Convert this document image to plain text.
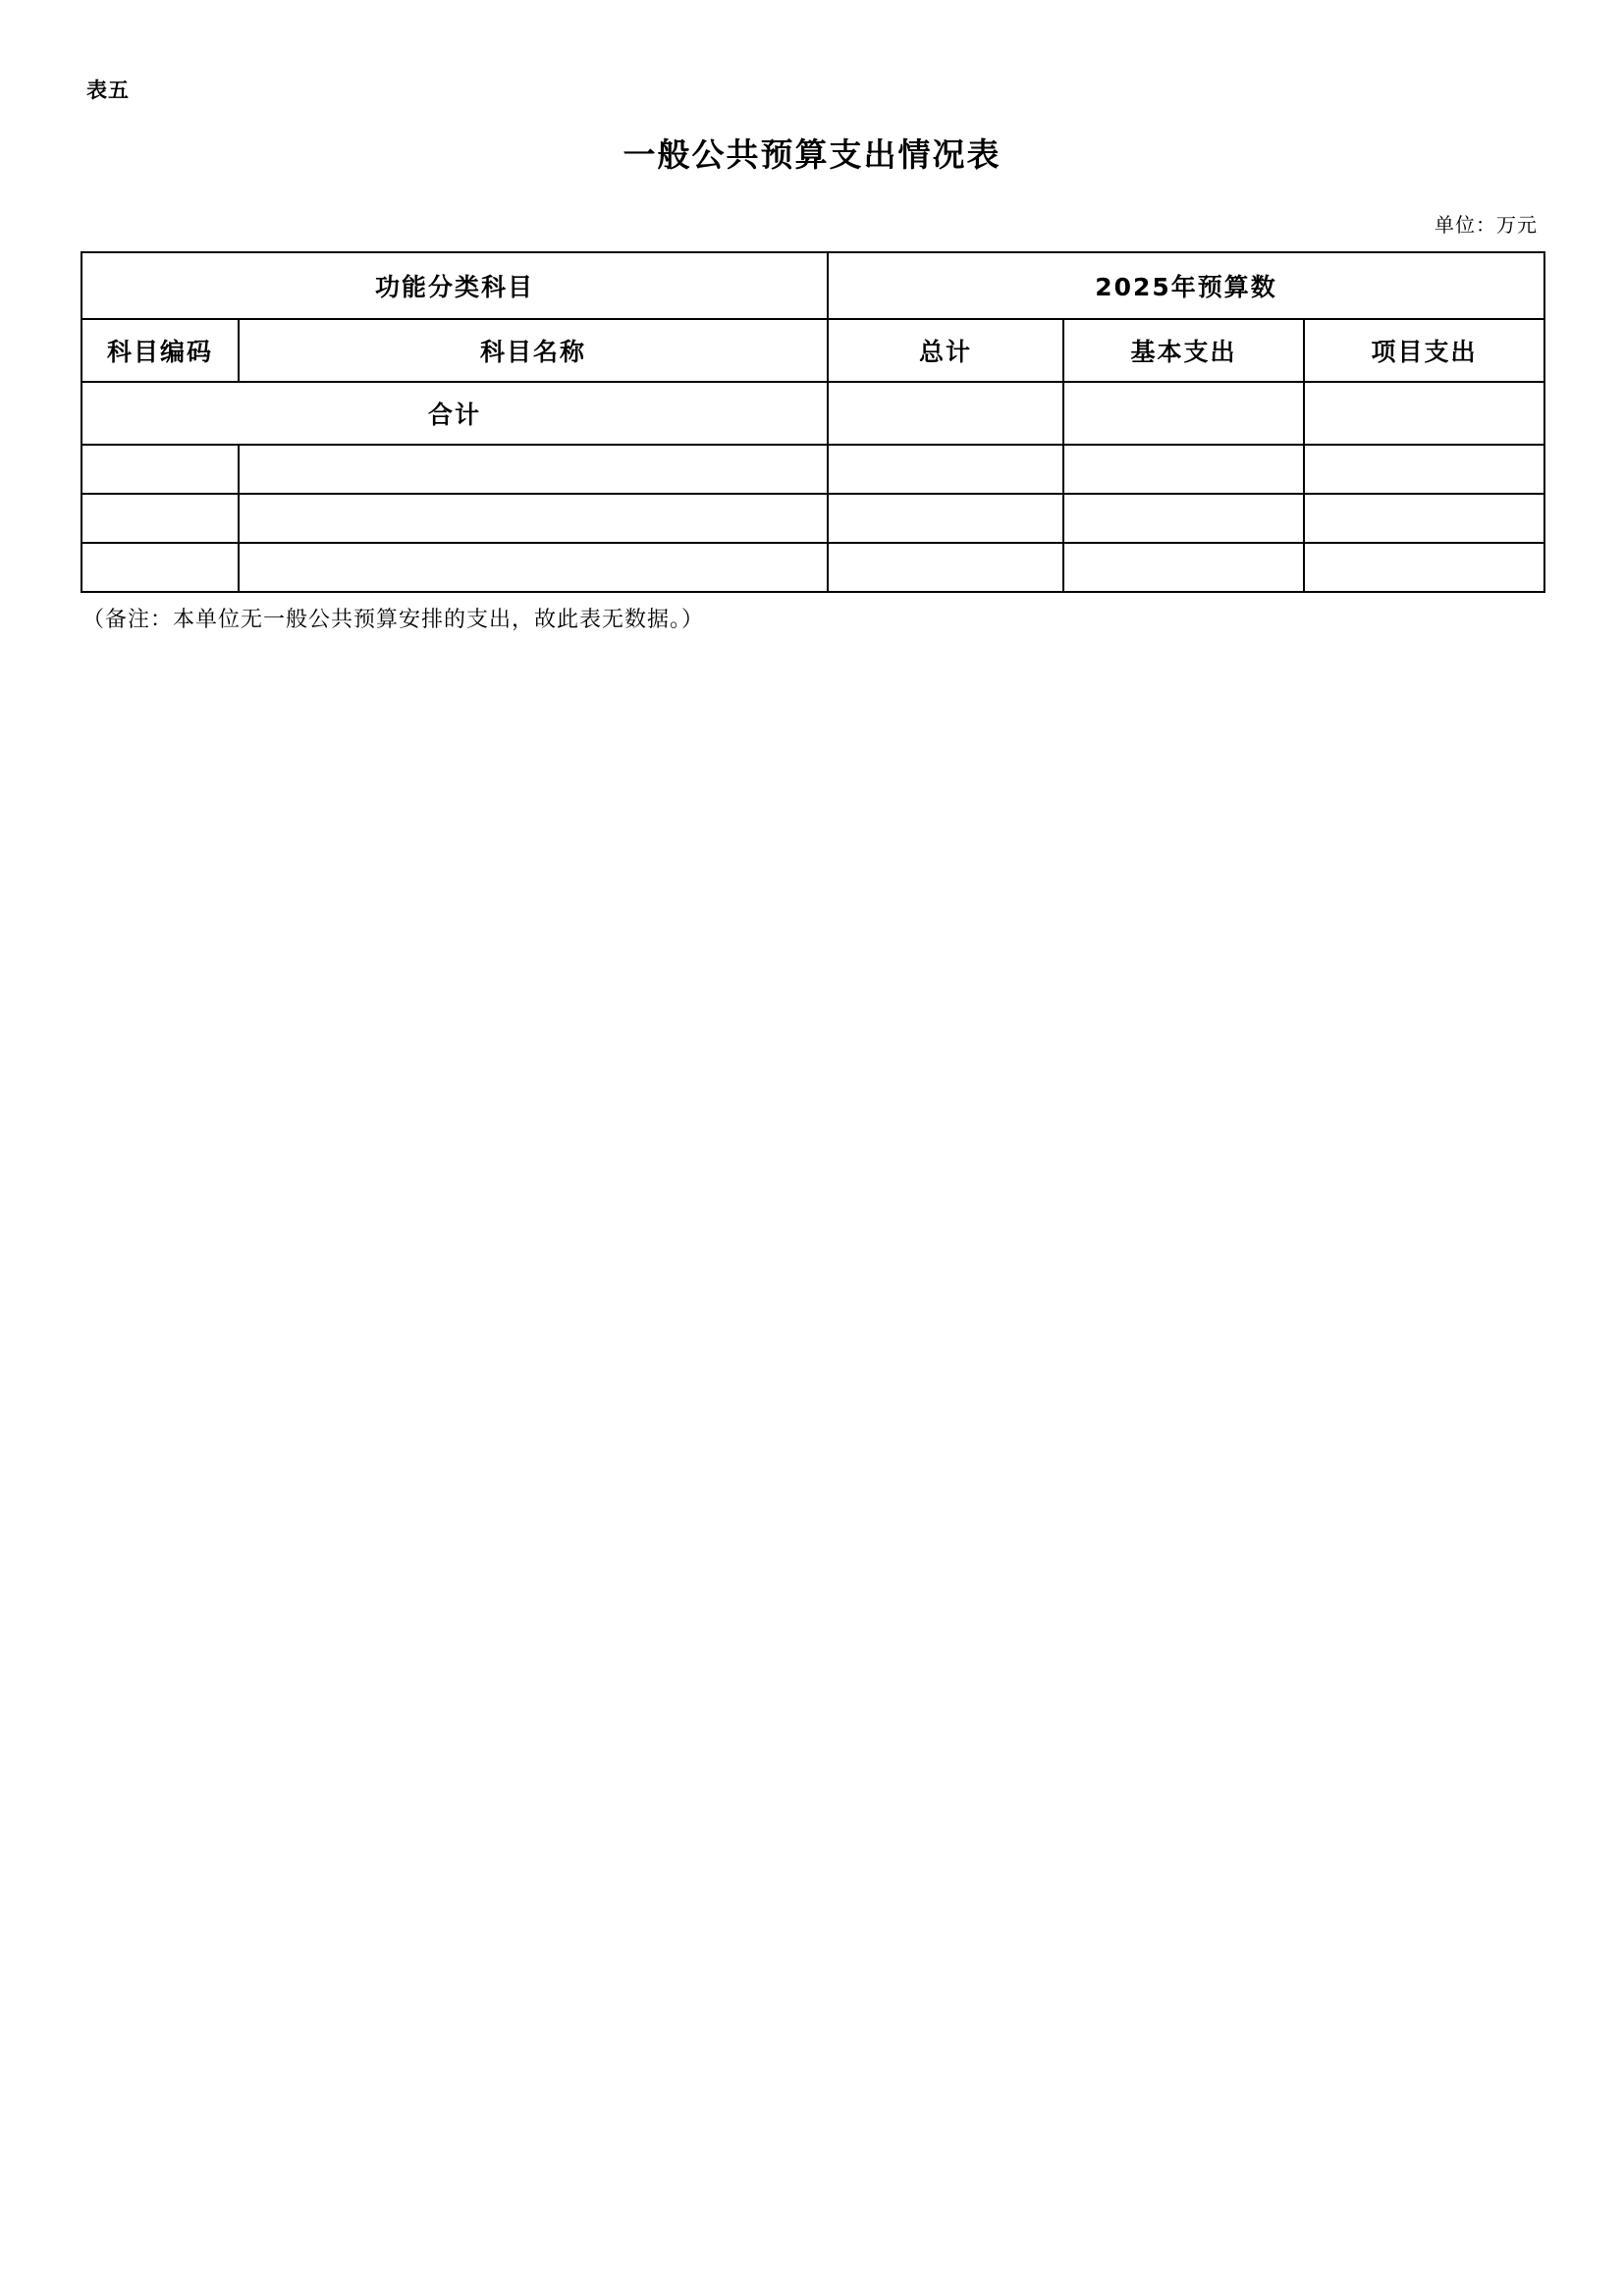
表五
一般公共预算支出情况表
单位：万元
功能分类科目		2025年预算数		
科目编码	科目名称	总计	基本支出	项目支出
合计				

（备注：本单位无一般公共预算安排的支出，故此表无数据。）
